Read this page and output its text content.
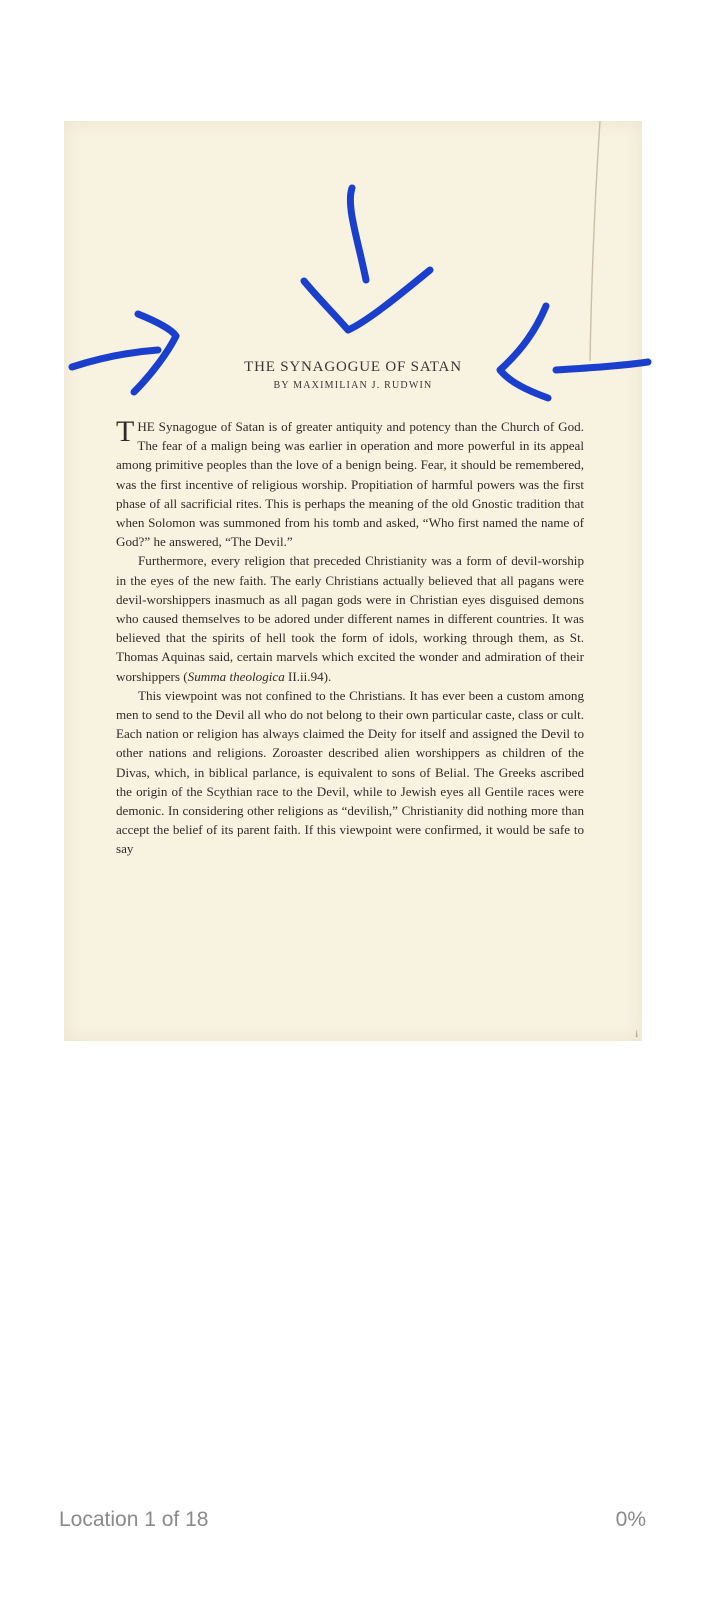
THE SYNAGOGUE OF SATAN
BY MAXIMILIAN J. RUDWIN

THE Synagogue of Satan is of greater antiquity and potency than the Church of God. The fear of a malign being was earlier in operation and more powerful in its appeal among primitive peoples than the love of a benign being. Fear, it should be remembered, was the first incentive of religious worship. Propitiation of harmful powers was the first phase of all sacrificial rites. This is perhaps the meaning of the old Gnostic tradition that when Solomon was summoned from his tomb and asked, “Who first named the name of God?” he answered, “The Devil.”

Furthermore, every religion that preceded Christianity was a form of devil-worship in the eyes of the new faith. The early Christians actually believed that all pagans were devil-worshippers inasmuch as all pagan gods were in Christian eyes disguised demons who caused themselves to be adored under different names in different countries. It was believed that the spirits of hell took the form of idols, working through them, as St. Thomas Aquinas said, certain marvels which excited the wonder and admiration of their worshippers (Summa theologica II.ii.94).

This viewpoint was not confined to the Christians. It has ever been a custom among men to send to the Devil all who do not belong to their own particular caste, class or cult. Each nation or religion has always claimed the Deity for itself and assigned the Devil to other nations and religions. Zoroaster described alien worshippers as children of the Divas, which, in biblical parlance, is equivalent to sons of Belial. The Greeks ascribed the origin of the Scythian race to the Devil, while to Jewish eyes all Gentile races were demonic. In considering other religions as “devilish,” Christianity did nothing more than accept the belief of its parent faith. If this viewpoint were confirmed, it would be safe to say

i
Location 1 of 18	0%
